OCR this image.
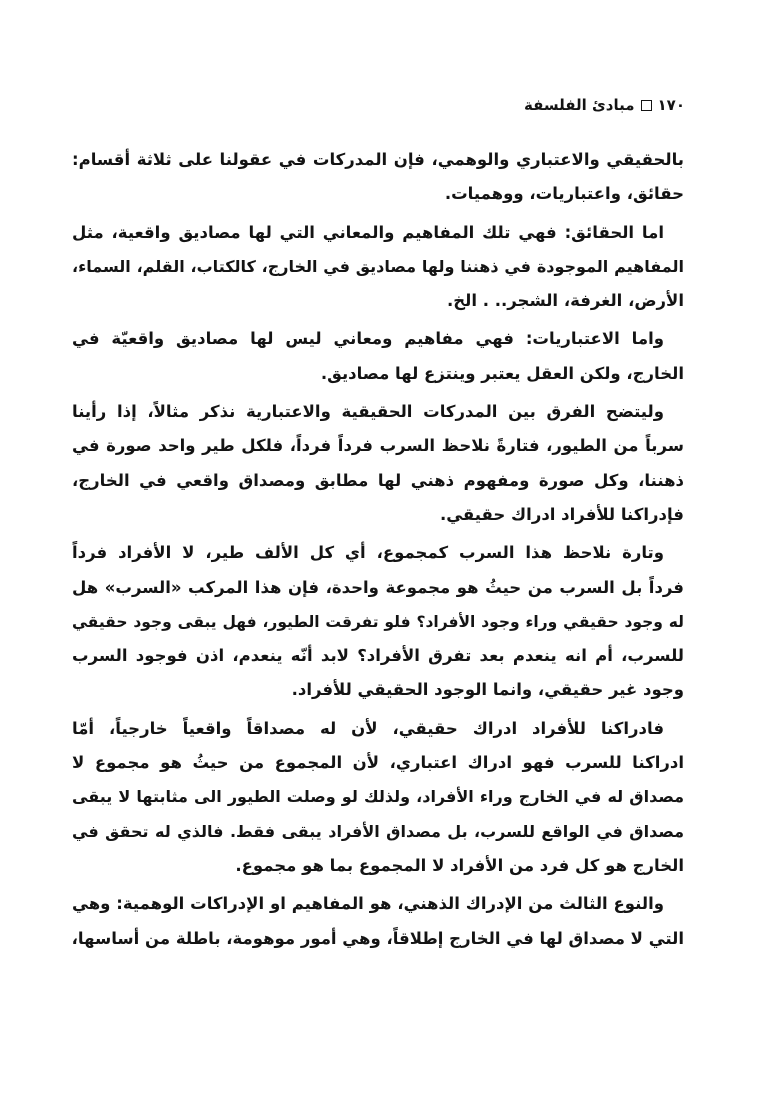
١٧٠
مبادئ الفلسفة
بالحقيقي والاعتباري والوهمي، فإن المدركات في عقولنا على ثلاثة أقسام:
حقائق، واعتباريات، ووهميات.
اما الحقائق: فهي تلك المفاهيم والمعاني التي لها مصاديق واقعية، مثل
المفاهيم الموجودة في ذهننا ولها مصاديق في الخارج، كالكتاب، القلم، السماء،
الأرض، الغرفة، الشجر.. . الخ.
واما الاعتباريات: فهي مفاهيم ومعاني ليس لها مصاديق واقعيّة في
الخارج، ولكن العقل يعتبر وينتزع لها مصاديق.
وليتضح الفرق بين المدركات الحقيقية والاعتبارية نذكر مثالاً، إذا رأينا
سرباً من الطيور، فتارةً نلاحظ السرب فرداً فرداً، فلكل طير واحد صورة في
ذهننا، وكل صورة ومفهوم ذهني لها مطابق ومصداق واقعي في الخارج،
فإدراكنا للأفراد ادراك حقيقي.
وتارة نلاحظ هذا السرب كمجموع، أي كل الألف طير، لا الأفراد فرداً
فرداً بل السرب من حيثُ هو مجموعة واحدة، فإن هذا المركب «السرب» هل
له وجود حقيقي وراء وجود الأفراد؟ فلو تفرقت الطيور، فهل يبقى وجود حقيقي
للسرب، أم انه ينعدم بعد تفرق الأفراد؟ لابد أنّه ينعدم، اذن فوجود السرب
وجود غير حقيقي، وانما الوجود الحقيقي للأفراد.
فادراكنا للأفراد ادراك حقيقي، لأن له مصداقاً واقعياً خارجياً، أمّا
ادراكنا للسرب فهو ادراك اعتباري، لأن المجموع من حيثُ هو مجموع لا
مصداق له في الخارج وراء الأفراد، ولذلك لو وصلت الطيور الى مثابتها لا يبقى
مصداق في الواقع للسرب، بل مصداق الأفراد يبقى فقط. فالذي له تحقق في
الخارج هو كل فرد من الأفراد لا المجموع بما هو مجموع.
والنوع الثالث من الإدراك الذهني، هو المفاهيم او الإدراكات الوهمية: وهي
التي لا مصداق لها في الخارج إطلاقاً، وهي أمور موهومة، باطلة من أساسها،
